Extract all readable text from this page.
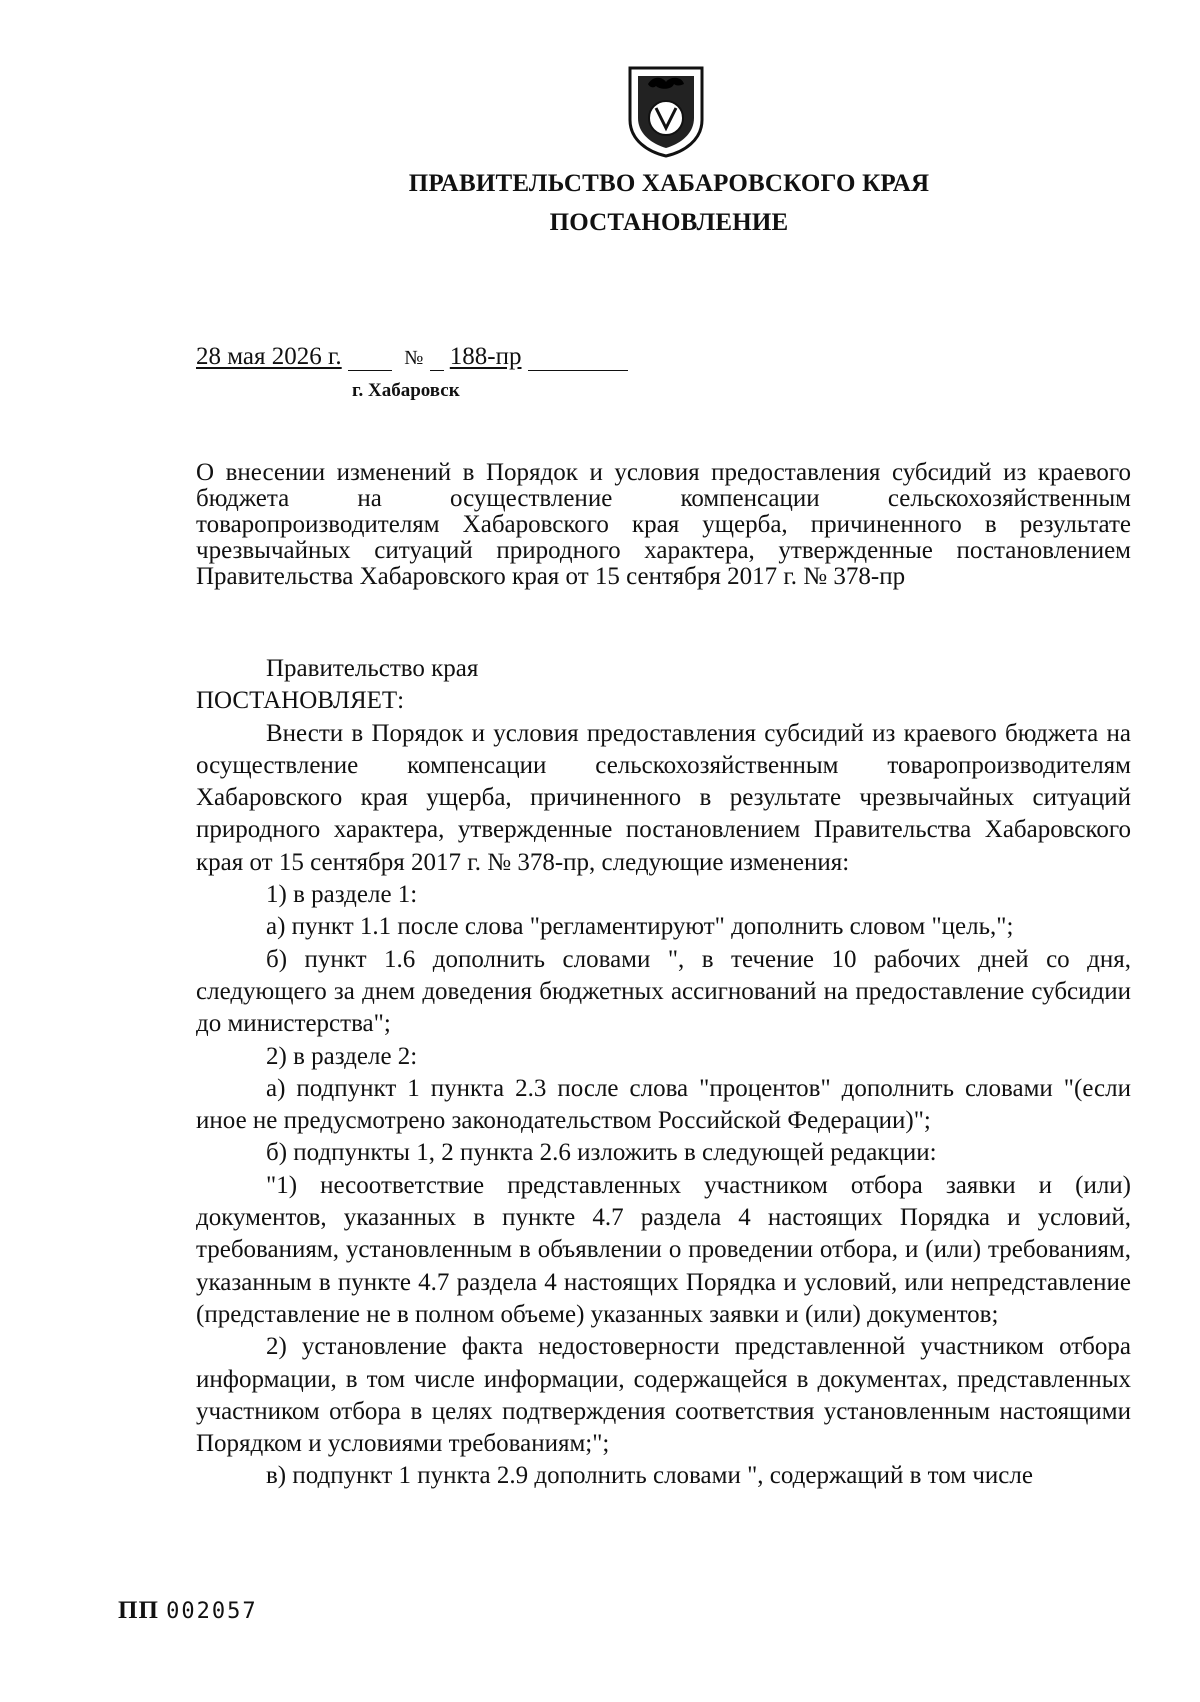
ПРАВИТЕЛЬСТВО ХАБАРОВСКОГО КРАЯ
ПОСТАНОВЛЕНИЕ
28 мая 2026 г.	№ 188-пр
г. Хабаровск
О внесении изменений в Порядок и условия предоставления субсидий из краевого бюджета на осуществление компенсации сельскохозяйственным товаропроизводителям Хабаровского края ущерба, причиненного в результате чрезвычайных ситуаций природного характера, утвержденные постановлением Правительства Хабаровского края от 15 сентября 2017 г. № 378-пр

Правительство края

ПОСТАНОВЛЯЕТ:

Внести в Порядок и условия предоставления субсидий из краевого бюджета на осуществление компенсации сельскохозяйственным товаропроизводителям Хабаровского края ущерба, причиненного в результате чрезвычайных ситуаций природного характера, утвержденные постановлением Правительства Хабаровского края от 15 сентября 2017 г. № 378-пр, следующие изменения:

1) в разделе 1:

а) пункт 1.1 после слова "регламентируют" дополнить словом "цель,";

б) пункт 1.6 дополнить словами ", в течение 10 рабочих дней со дня, следующего за днем доведения бюджетных ассигнований на предоставление субсидии до министерства";

2) в разделе 2:

а) подпункт 1 пункта 2.3 после слова "процентов" дополнить словами "(если иное не предусмотрено законодательством Российской Федерации)";

б) подпункты 1, 2 пункта 2.6 изложить в следующей редакции:

"1) несоответствие представленных участником отбора заявки и (или) документов, указанных в пункте 4.7 раздела 4 настоящих Порядка и условий, требованиям, установленным в объявлении о проведении отбора, и (или) требованиям, указанным в пункте 4.7 раздела 4 настоящих Порядка и условий, или непредставление (представление не в полном объеме) указанных заявки и (или) документов;

2) установление факта недостоверности представленной участником отбора информации, в том числе информации, содержащейся в документах, представленных участником отбора в целях подтверждения соответствия установленным настоящими Порядком и условиями требованиям;";

в) подпункт 1 пункта 2.9 дополнить словами ", содержащий в том числе

ПП 002057
